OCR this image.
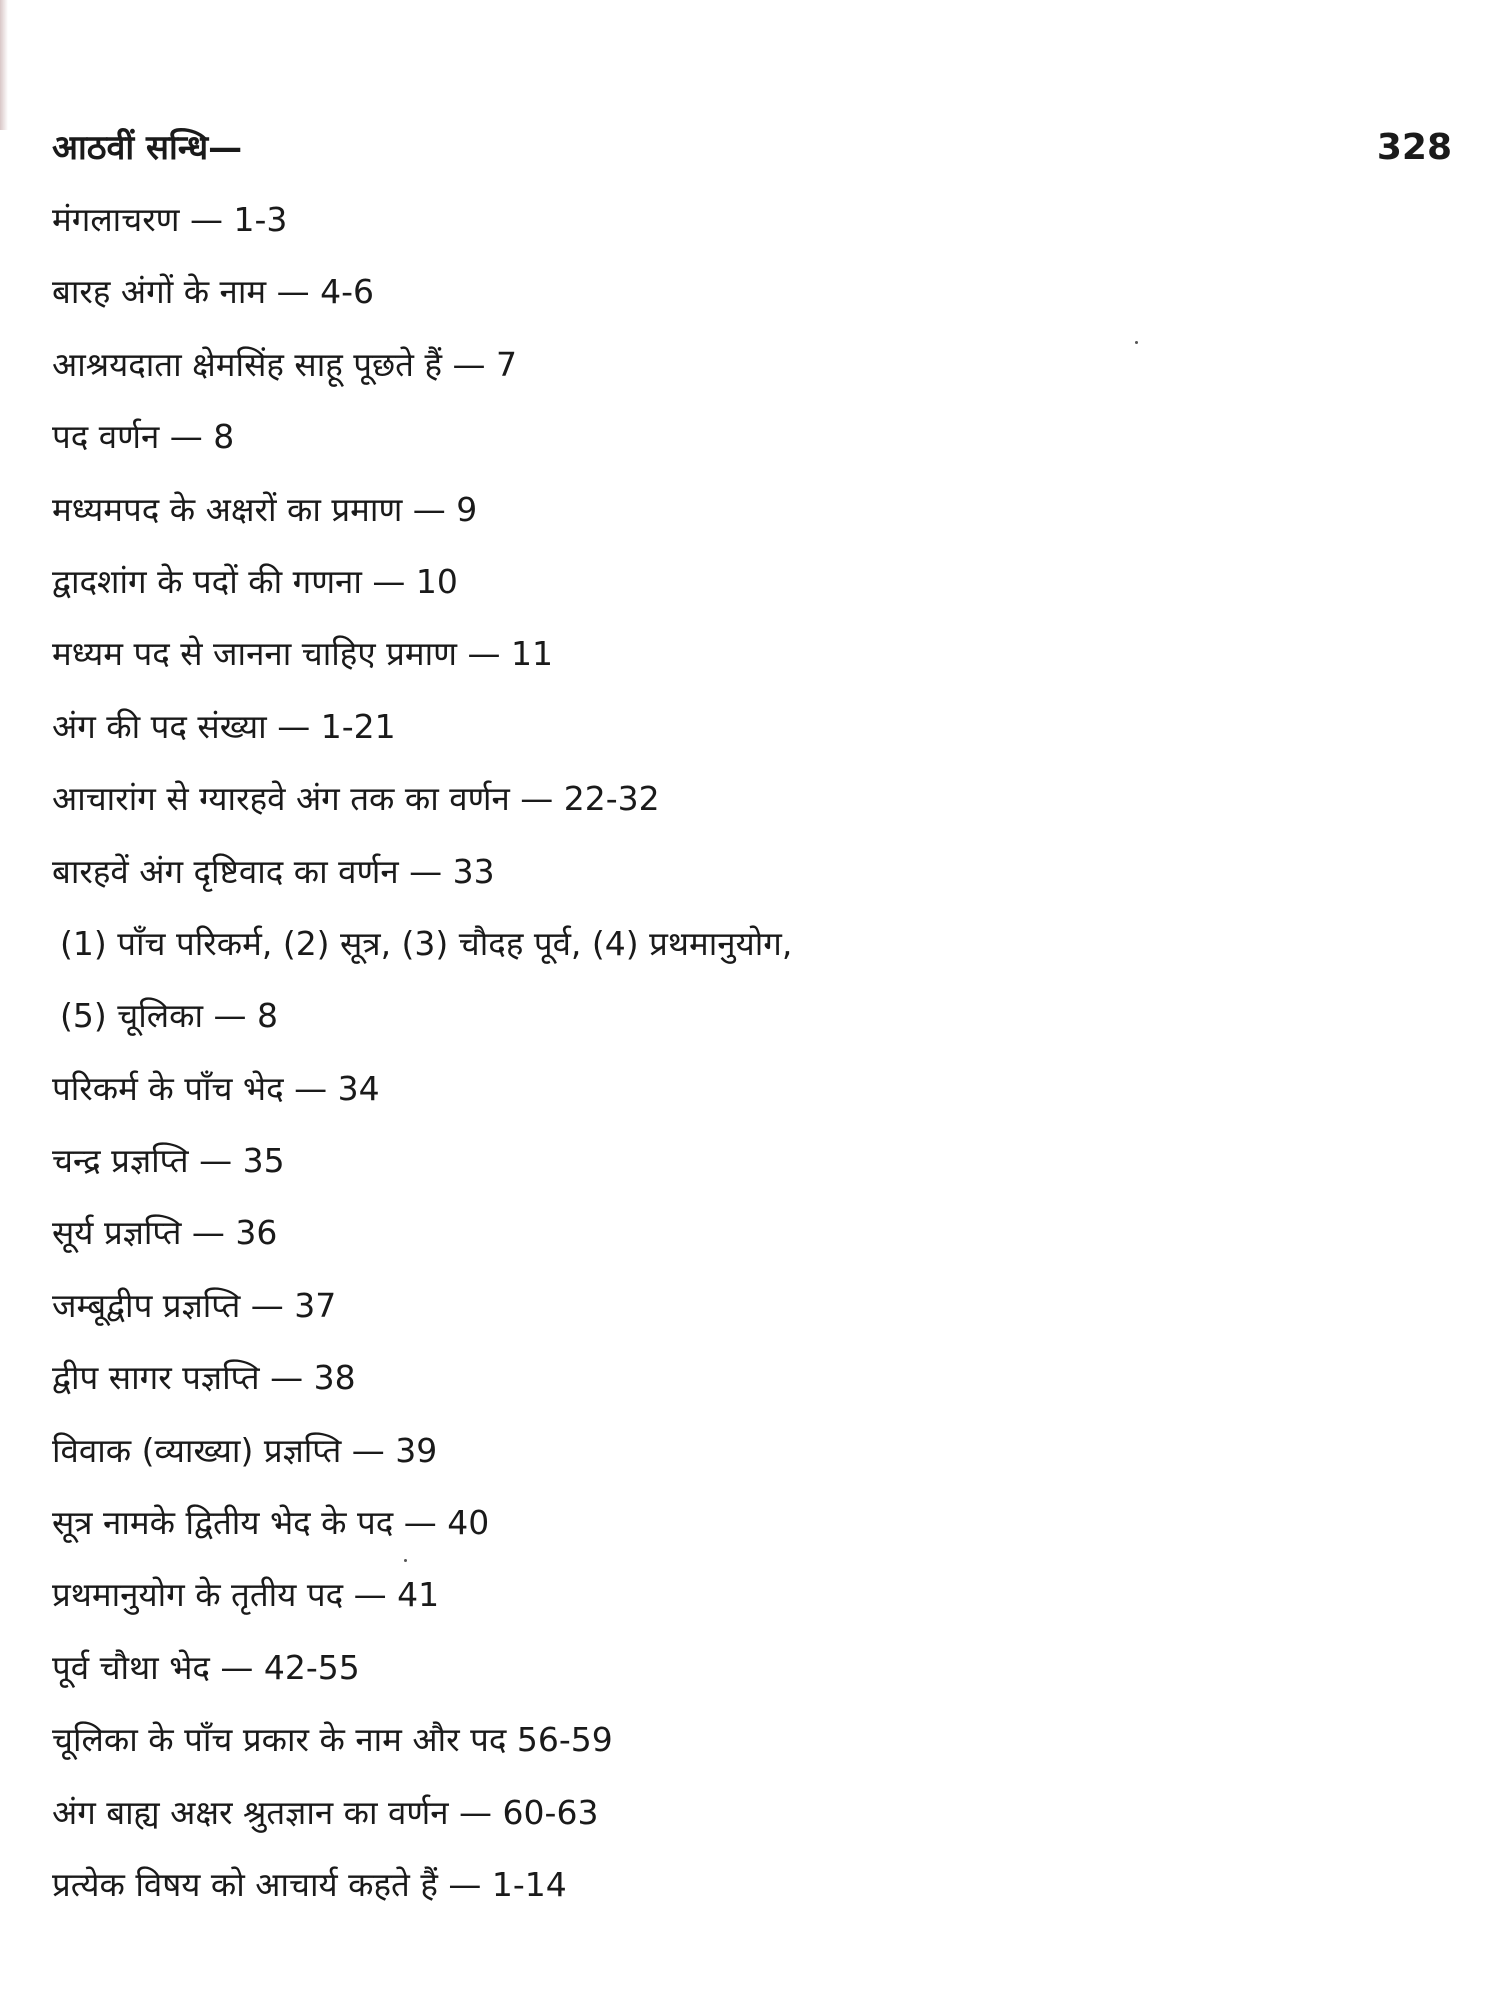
आठवीं सन्धि—	328
मंगलाचरण — 1-3
बारह अंगों के नाम — 4-6
आश्रयदाता क्षेमसिंह साहू पूछते हैं — 7
पद वर्णन — 8
मध्यमपद के अक्षरों का प्रमाण — 9
द्वादशांग के पदों की गणना — 10
मध्यम पद से जानना चाहिए प्रमाण — 11
अंग की पद संख्या — 1-21
आचारांग से ग्यारहवे अंग तक का वर्णन — 22-32
बारहवें अंग दृष्टिवाद का वर्णन — 33
(1) पाँच परिकर्म, (2) सूत्र, (3) चौदह पूर्व, (4) प्रथमानुयोग,
(5) चूलिका — 8
परिकर्म के पाँच भेद — 34
चन्द्र प्रज्ञप्ति — 35
सूर्य प्रज्ञप्ति — 36
जम्बूद्वीप प्रज्ञप्ति — 37
द्वीप सागर पज्ञप्ति — 38
विवाक (व्याख्या) प्रज्ञप्ति — 39
सूत्र नामके द्वितीय भेद के पद — 40
प्रथमानुयोग के तृतीय पद — 41
पूर्व चौथा भेद — 42-55
चूलिका के पाँच प्रकार के नाम और पद 56-59
अंग बाह्य अक्षर श्रुतज्ञान का वर्णन — 60-63
प्रत्येक विषय को आचार्य कहते हैं — 1-14
